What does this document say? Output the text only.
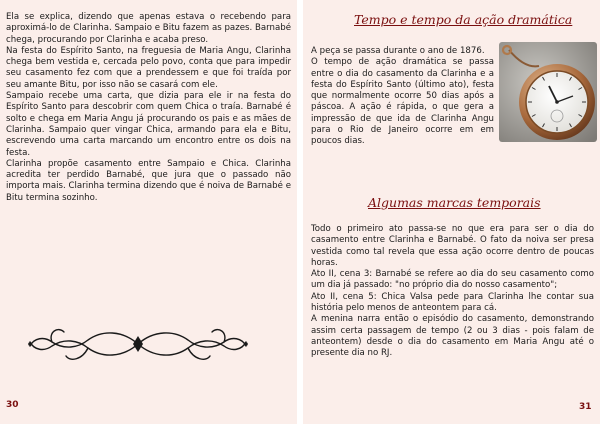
Ela se explica, dizendo que apenas estava o recebendo para aproximá-lo de Clarinha. Sampaio e Bitu fazem as pazes. Barnabé chega, procurando por Clarinha e acaba preso.

Na festa do Espírito Santo, na freguesia de Maria Angu, Clarinha chega bem vestida e, cercada pelo povo, conta que para impedir seu casamento fez com que a prendessem e que foi traída por seu amante Bitu, por isso não se casará com ele.

Sampaio recebe uma carta, que dizia para ele ir na festa do Espírito Santo para descobrir com quem Chica o traía. Barnabé é solto e chega em Maria Angu já procurando os pais e as mães de Clarinha. Sampaio quer vingar Chica, armando para ela e Bitu, escrevendo uma carta marcando um encontro entre os dois na festa.

Clarinha propõe casamento entre Sampaio e Chica. Clarinha acredita ter perdido Barnabé, que jura que o passado não importa mais. Clarinha termina dizendo que é noiva de Barnabé e Bitu termina sozinho.

30

Tempo e tempo da ação dramática

A peça se passa durante o ano de 1876.

O tempo de ação dramática se passa entre o dia do casamento da Clarinha e a festa do Espírito Santo (último ato), festa que normalmente ocorre 50 dias após a páscoa. A ação é rápida, o que gera a impressão de que ida de Clarinha Angu para o Rio de Janeiro ocorre em em poucos dias.

Algumas marcas temporais

Todo o primeiro ato passa-se no que era para ser o dia do casamento entre Clarinha e Barnabé. O fato da noiva ser presa vestida como tal revela que essa ação ocorre dentro de poucas horas.

Ato II, cena 3: Barnabé se refere ao dia do seu casamento como um dia já passado: "no próprio dia do nosso casamento";

Ato II, cena 5: Chica Valsa pede para Clarinha lhe contar sua história pelo menos de anteontem para cá.

A menina narra então o episódio do casamento, demonstrando assim certa passagem de tempo (2 ou 3 dias - pois falam de anteontem) desde o dia do casamento em Maria Angu até o presente dia no RJ.

31
